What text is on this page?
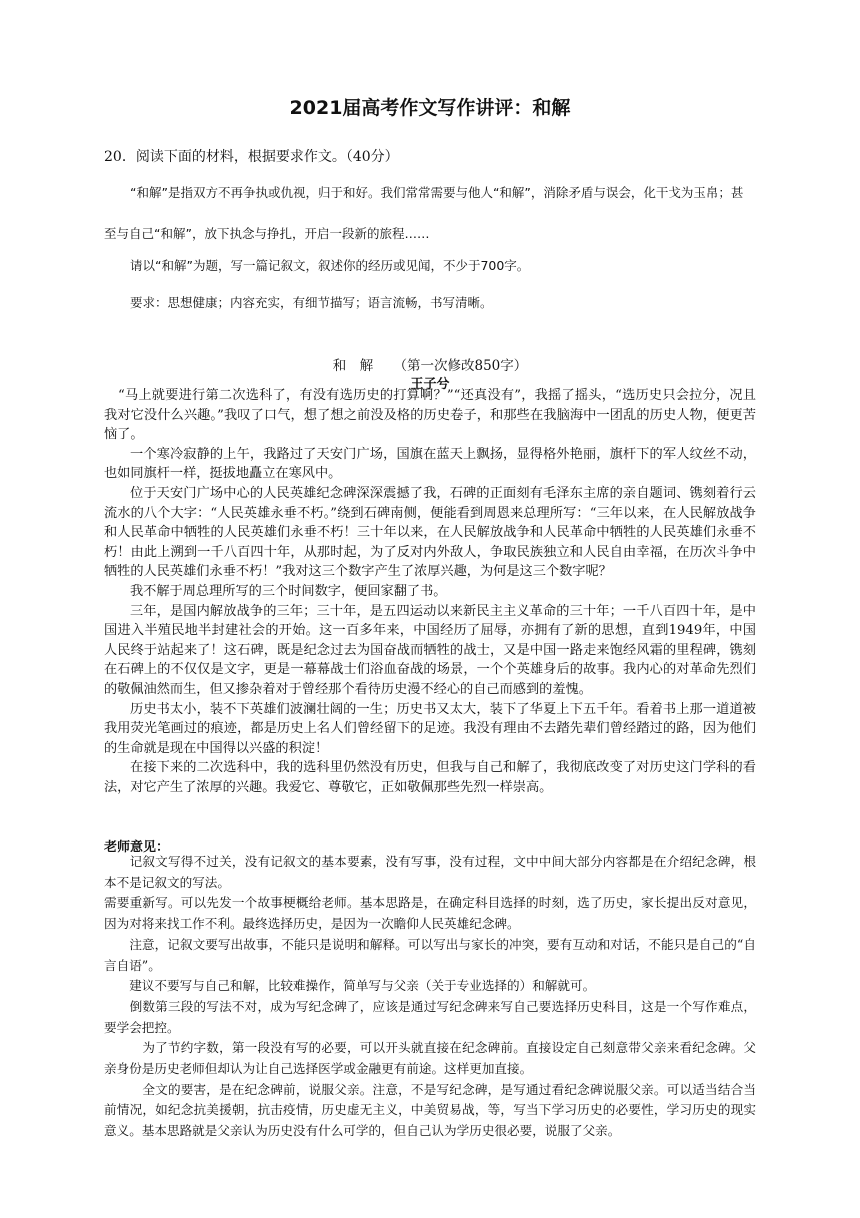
2021届高考作文写作讲评：和解
20．阅读下面的材料，根据要求作文。（40分）

“和解”是指双方不再争执或仇视，归于和好。我们常常需要与他人“和解”，消除矛盾与误会，化干戈为玉帛；甚至与自己“和解”，放下执念与挣扎，开启一段新的旅程……

请以“和解”为题，写一篇记叙文，叙述你的经历或见闻，不少于700字。

要求：思想健康；内容充实，有细节描写；语言流畅，书写清晰。

和　解　　（第一次修改850字）
王子兮

“马上就要进行第二次选科了，有没有选历史的打算啊？”“还真没有”，我摇了摇头，“选历史只会拉分，况且我对它没什么兴趣。”我叹了口气，想了想之前没及格的历史卷子，和那些在我脑海中一团乱的历史人物，便更苦恼了。

一个寒冷寂静的上午，我路过了天安门广场，国旗在蓝天上飘扬，显得格外艳丽，旗杆下的军人纹丝不动，也如同旗杆一样，挺拔地矗立在寒风中。

位于天安门广场中心的人民英雄纪念碑深深震撼了我，石碑的正面刻有毛泽东主席的亲自题词、镌刻着行云流水的八个大字：“人民英雄永垂不朽。”绕到石碑南侧，便能看到周恩来总理所写：“三年以来，在人民解放战争和人民革命中牺牲的人民英雄们永垂不朽！三十年以来，在人民解放战争和人民革命中牺牲的人民英雄们永垂不朽！由此上溯到一千八百四十年，从那时起，为了反对内外敌人，争取民族独立和人民自由幸福，在历次斗争中牺牲的人民英雄们永垂不朽！”我对这三个数字产生了浓厚兴趣，为何是这三个数字呢？

我不解于周总理所写的三个时间数字，便回家翻了书。

三年，是国内解放战争的三年；三十年，是五四运动以来新民主主义革命的三十年；一千八百四十年，是中国进入半殖民地半封建社会的开始。这一百多年来，中国经历了屈辱，亦拥有了新的思想，直到1949年，中国人民终于站起来了！这石碑，既是纪念过去为国奋战而牺牲的战士，又是中国一路走来饱经风霜的里程碑，镌刻在石碑上的不仅仅是文字，更是一幕幕战士们浴血奋战的场景，一个个英雄身后的故事。我内心的对革命先烈们的敬佩油然而生，但又掺杂着对于曾经那个看待历史漫不经心的自己而感到的羞愧。

历史书太小，装不下英雄们波澜壮阔的一生；历史书又太大，装下了华夏上下五千年。看着书上那一道道被我用荧光笔画过的痕迹，都是历史上名人们曾经留下的足迹。我没有理由不去踏先辈们曾经踏过的路，因为他们的生命就是现在中国得以兴盛的积淀！

在接下来的二次选科中，我的选科里仍然没有历史，但我与自己和解了，我彻底改变了对历史这门学科的看法，对它产生了浓厚的兴趣。我爱它、尊敬它，正如敬佩那些先烈一样崇高。

老师意见：

　　记叙文写得不过关，没有记叙文的基本要素，没有写事，没有过程，文中中间大部分内容都是在介绍纪念碑，根本不是记叙文的写法。

需要重新写。可以先发一个故事梗概给老师。基本思路是，在确定科目选择的时刻，选了历史，家长提出反对意见，因为对将来找工作不利。最终选择历史，是因为一次瞻仰人民英雄纪念碑。

　　注意，记叙文要写出故事，不能只是说明和解释。可以写出与家长的冲突，要有互动和对话，不能只是自己的“自言自语”。

　　建议不要写与自己和解，比较难操作，简单写与父亲（关于专业选择的）和解就可。

　　倒数第三段的写法不对，成为写纪念碑了，应该是通过写纪念碑来写自己要选择历史科目，这是一个写作难点，要学会把控。

　　　为了节约字数，第一段没有写的必要，可以开头就直接在纪念碑前。直接设定自己刻意带父亲来看纪念碑。父亲身份是历史老师但却认为让自己选择医学或金融更有前途。这样更加直接。

　　　全文的要害，是在纪念碑前，说服父亲。注意，不是写纪念碑，是写通过看纪念碑说服父亲。可以适当结合当前情况，如纪念抗美援朝，抗击疫情，历史虚无主义，中美贸易战，等，写当下学习历史的必要性，学习历史的现实意义。基本思路就是父亲认为历史没有什么可学的，但自己认为学历史很必要，说服了父亲。
